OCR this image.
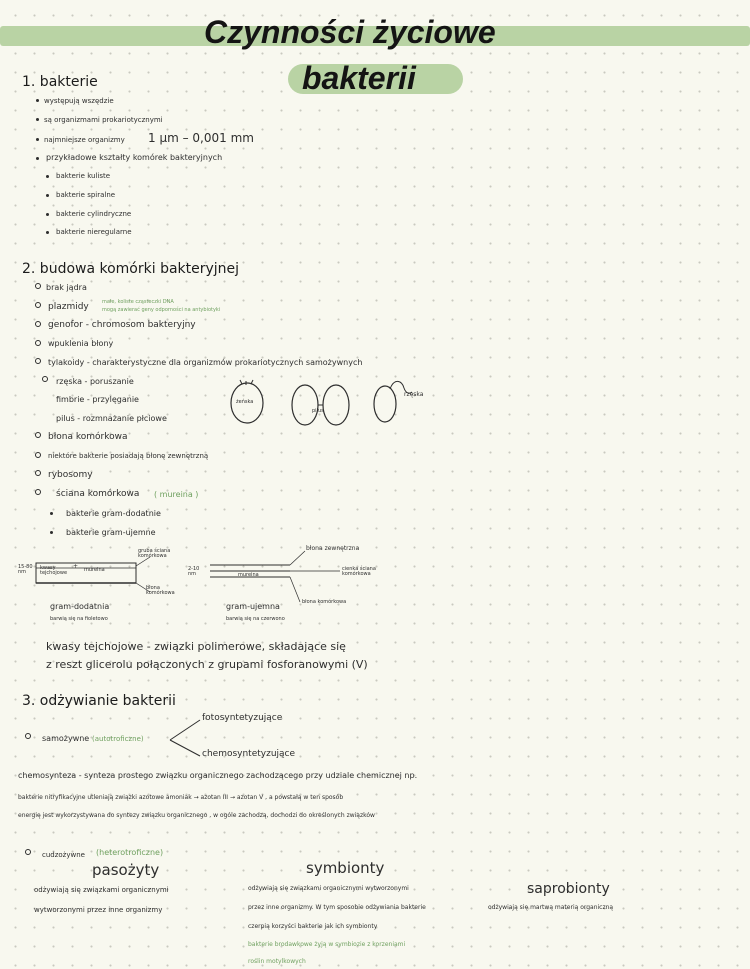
Czynności życiowe
bakterii
1. bakterie
występują wszędzie
są organizmami prokariotycznymi
najmniejsze organizmy 1 μm – 0,001 mm
przykładowe kształty komórek bakteryjnych
bakterie kuliste
bakterie spiralne
bakterie cylindryczne
bakterie nieregularne
2. budowa komórki bakteryjnej
brak jądra
plazmidy	małe, koliste cząsteczki DNA
mogą zawierać geny odporności na antybiotyki
genofor - chromosom bakteryjny
wpuklenia błony
tylakoidy - charakterystyczne dla organizmów prokariotycznych samożywnych
rzęska - poruszanie
fimbrie - przylęganie
pilus - rozmnażanie płciowe
żeńska
pilus
rzęska
błona komórkowa
niektóre bakterie posiadają błonę zewnętrzną
rybosomy
ściana komórkowa ( mureina )
bakterie gram-dodatnie
bakterie gram-ujemne
15-80 nm
kwasy tejchojowe
+ mureina
gruba ściana komórkowa
błona komórkowa
2-10 nm	mureina
błona zewnętrzna
cienka ściana komórkowa
błona komórkowa
gram-dodatnia
barwią się na fioletowo
gram-ujemna
barwią się na czerwono
kwasy tejchojowe - związki polimerowe, składające się
z reszt glicerolu połączonych z grupami fosforanowymi (V)
3. odżywianie bakterii
samożywne (autotroficzne)
fotosyntetyzujące
chemosyntetyzujące
chemosynteza - synteza prostego związku organicznego zachodzącego przy udziale chemicznej np.
bakterie nitryfikacyjne utleniają związki azotowe amoniak → azotan III → azotan V , a powstałą w ten sposób
energię jest wykorzystywana do syntezy związku organicznego , w ogóle zachodzą, dochodzi do określonych związków
cudzożywne (heterotroficzne)
pasożyty
odżywiają się związkami organicznymi
wytworzonymi przez inne organizmy
symbionty
odżywiają się związkami organicznymi wytworzonymi
przez inne organizmy. W tym sposobie odżywiania bakterie
czerpią korzyści bakterie jak ich symbionty
bakterie brodawkowe żyją w symbiozie z korzeniami
roślin motylkowych
saprobionty
odżywiają się martwą materią organiczną
